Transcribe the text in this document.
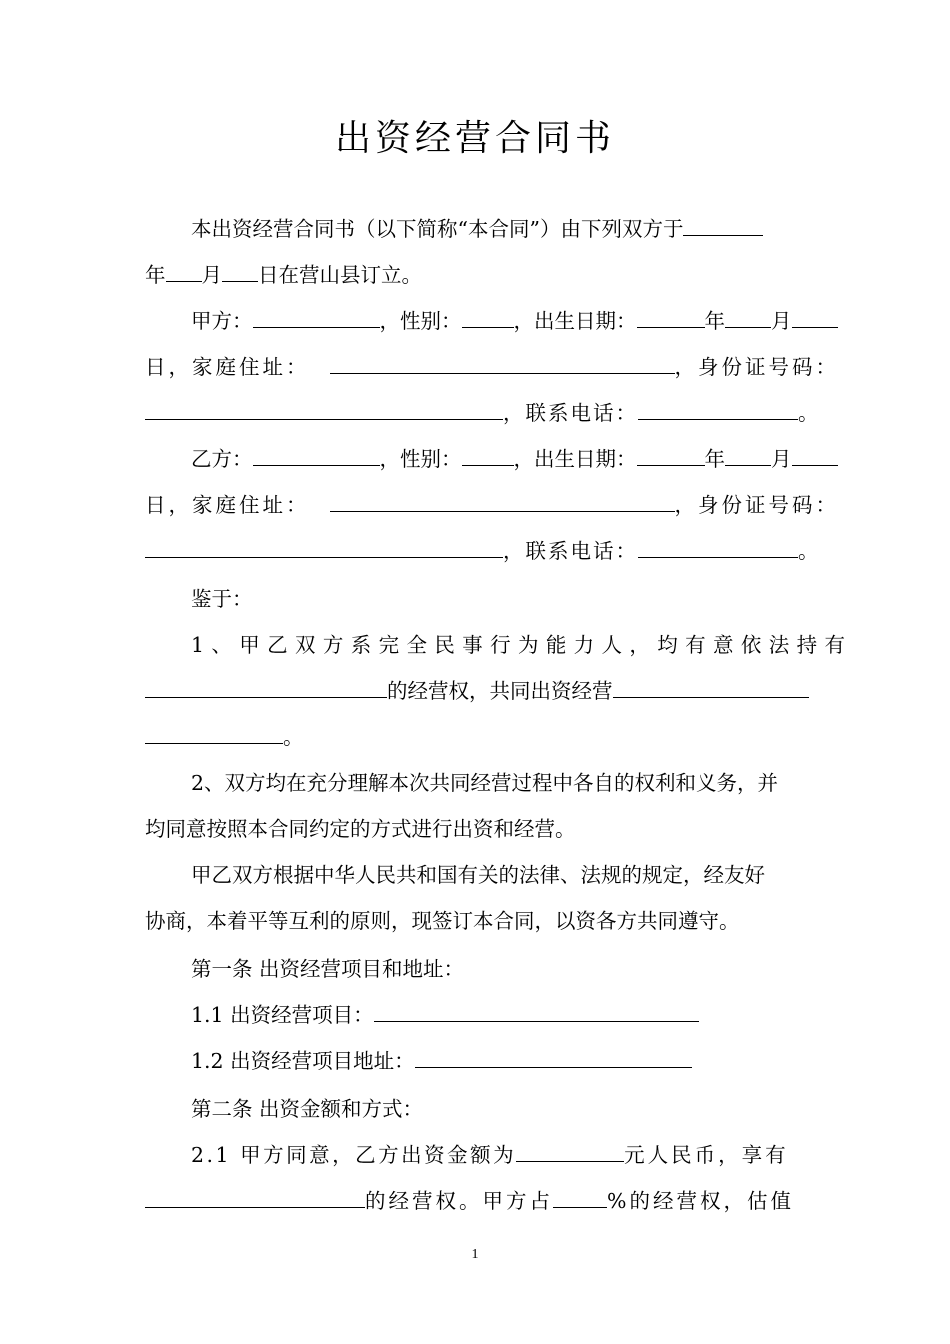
出资经营合同书
本出资经营合同书（以下简称“本合同”）由下列双方于
年 月 日在营山县订立。
甲方：	，性别：	，出生日期：	年 月
日，家庭住址：	，身份证号码：
，联系电话：	。
乙方：	，性别：	，出生日期：	年 月
日，家庭住址：	，身份证号码：
，联系电话：	。
鉴于：
1、甲乙双方系完全民事行为能力人，均有意依法持有
的经营权，共同出资经营
。
2、双方均在充分理解本次共同经营过程中各自的权利和义务，并
均同意按照本合同约定的方式进行出资和经营。
甲乙双方根据中华人民共和国有关的法律、法规的规定，经友好
协商，本着平等互利的原则，现签订本合同，以资各方共同遵守。
第一条 出资经营项目和地址：
1.1 出资经营项目：
1.2 出资经营项目地址：
第二条 出资金额和方式：
2.1 甲方同意，乙方出资金额为	元人民币，享有
的经营权。甲方占	%的经营权，估值
1
